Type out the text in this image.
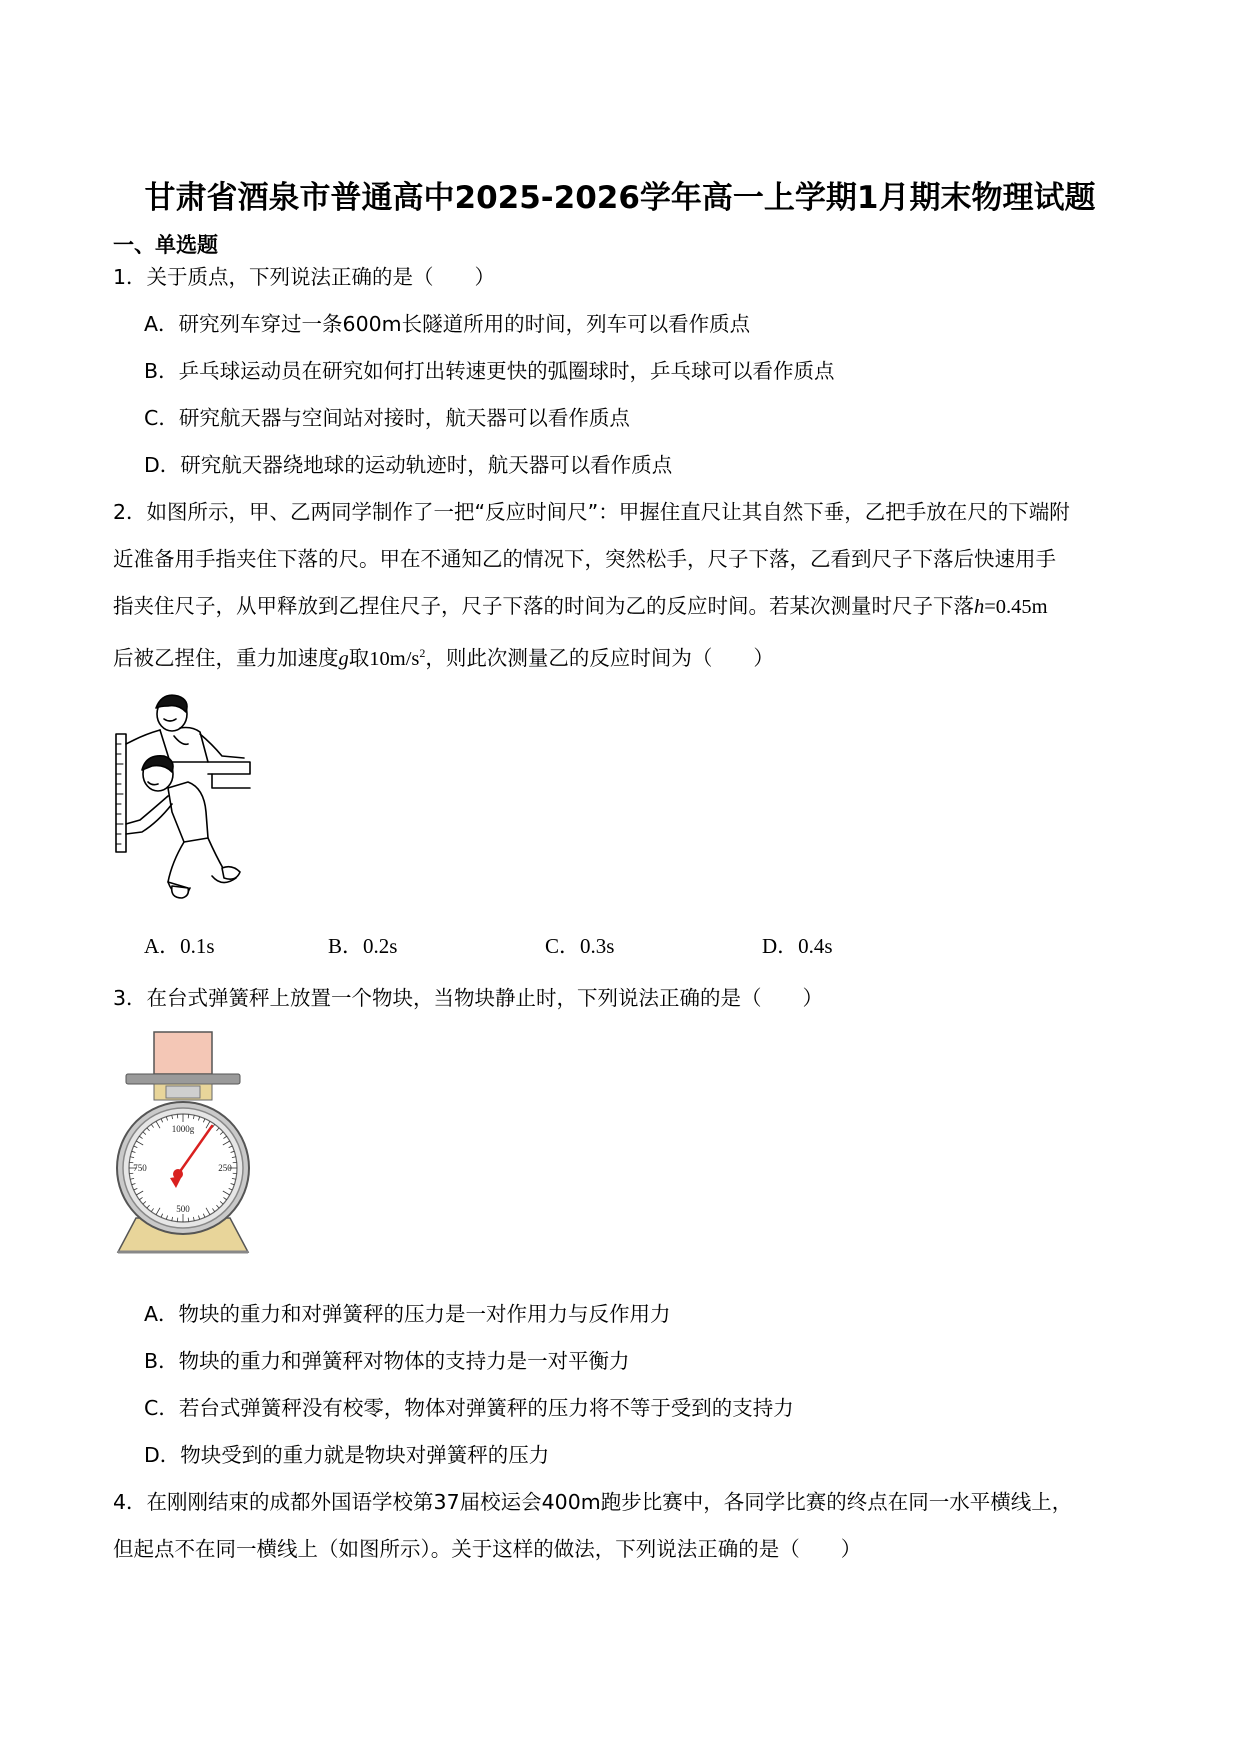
甘肃省酒泉市普通高中2025-2026学年高一上学期1月期末物理试题
一、单选题
1．关于质点，下列说法正确的是（　　）
A．研究列车穿过一条600m长隧道所用的时间，列车可以看作质点
B．乒乓球运动员在研究如何打出转速更快的弧圈球时，乒乓球可以看作质点
C．研究航天器与空间站对接时，航天器可以看作质点
D．研究航天器绕地球的运动轨迹时，航天器可以看作质点
2．如图所示，甲、乙两同学制作了一把“反应时间尺”：甲握住直尺让其自然下垂，乙把手放在尺的下端附
近准备用手指夹住下落的尺。甲在不通知乙的情况下，突然松手，尺子下落，乙看到尺子下落后快速用手
指夹住尺子，从甲释放到乙捏住尺子，尺子下落的时间为乙的反应时间。若某次测量时尺子下落h=0.45m
后被乙捏住，重力加速度g取$10m/s^2$，则此次测量乙的反应时间为（　　）
A．0.1s	B．0.2s	C．0.3s	D．0.4s
3．在台式弹簧秤上放置一个物块，当物块静止时，下列说法正确的是（　　）
1000g
750	250
500
A．物块的重力和对弹簧秤的压力是一对作用力与反作用力
B．物块的重力和弹簧秤对物体的支持力是一对平衡力
C．若台式弹簧秤没有校零，物体对弹簧秤的压力将不等于受到的支持力
D．物块受到的重力就是物块对弹簧秤的压力
4．在刚刚结束的成都外国语学校第37届校运会400m跑步比赛中，各同学比赛的终点在同一水平横线上，
但起点不在同一横线上（如图所示）。关于这样的做法，下列说法正确的是（　　）
